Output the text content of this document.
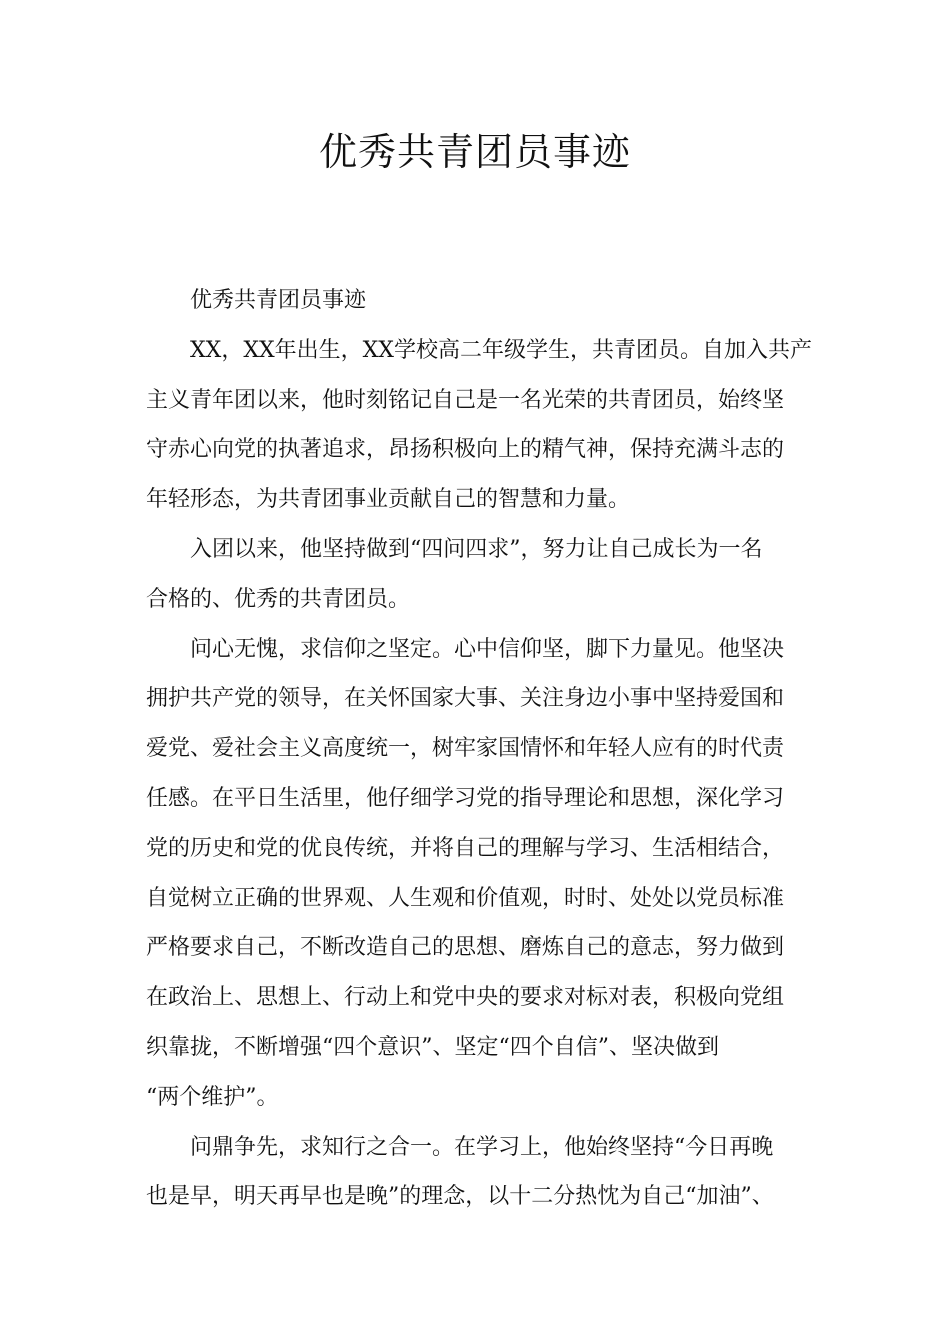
优秀共青团员事迹

优秀共青团员事迹

XX，XX年出生，XX学校高二年级学生，共青团员。自加入共产
主义青年团以来，他时刻铭记自己是一名光荣的共青团员，始终坚
守赤心向党的执著追求，昂扬积极向上的精气神，保持充满斗志的
年轻形态，为共青团事业贡献自己的智慧和力量。

入团以来，他坚持做到“四问四求”，努力让自己成长为一名
合格的、优秀的共青团员。

问心无愧，求信仰之坚定。心中信仰坚，脚下力量见。他坚决
拥护共产党的领导，在关怀国家大事、关注身边小事中坚持爱国和
爱党、爱社会主义高度统一，树牢家国情怀和年轻人应有的时代责
任感。在平日生活里，他仔细学习党的指导理论和思想，深化学习
党的历史和党的优良传统，并将自己的理解与学习、生活相结合，
自觉树立正确的世界观、人生观和价值观，时时、处处以党员标准
严格要求自己，不断改造自己的思想、磨炼自己的意志，努力做到
在政治上、思想上、行动上和党中央的要求对标对表，积极向党组
织靠拢，不断增强“四个意识”、坚定“四个自信”、坚决做到
“两个维护”。

问鼎争先，求知行之合一。在学习上，他始终坚持“今日再晚
也是早，明天再早也是晚”的理念，以十二分热忱为自己“加油”、
